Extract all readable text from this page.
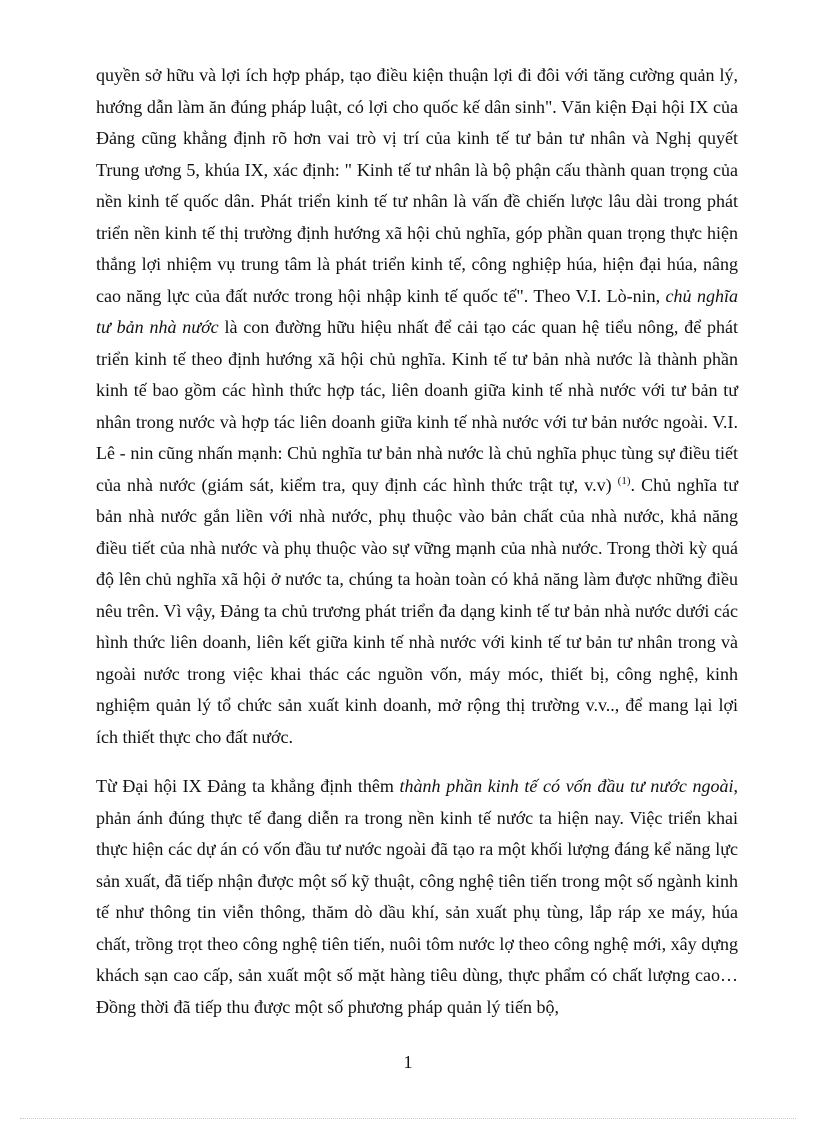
quyền sở hữu và lợi ích hợp pháp, tạo điều kiện thuận lợi đi đôi với tăng cường quản lý, hướng dẫn làm ăn đúng pháp luật, có lợi cho quốc kế dân sinh". Văn kiện Đại hội IX của Đảng cũng khẳng định rõ hơn vai trò vị trí của kinh tế tư bản tư nhân và Nghị quyết Trung ương 5, khúa IX, xác định: " Kinh tế tư nhân là bộ phận cấu thành quan trọng của nền kinh tế quốc dân. Phát triển kinh tế tư nhân là vấn đề chiến lược lâu dài trong phát triển nền kinh tế thị trường định hướng xã hội chủ nghĩa, góp phần quan trọng thực hiện thắng lợi nhiệm vụ trung tâm là phát triển kinh tế, công nghiệp húa, hiện đại húa, nâng cao năng lực của đất nước trong hội nhập kinh tế quốc tế". Theo V.I. Lò-nin, chủ nghĩa tư bản nhà nước là con đường hữu hiệu nhất để cải tạo các quan hệ tiểu nông, để phát triển kinh tế theo định hướng xã hội chủ nghĩa. Kinh tế tư bản nhà nước là thành phần kinh tế bao gồm các hình thức hợp tác, liên doanh giữa kinh tế nhà nước với tư bản tư nhân trong nước và hợp tác liên doanh giữa kinh tế nhà nước với tư bản nước ngoài. V.I. Lê - nin cũng nhấn mạnh: Chủ nghĩa tư bản nhà nước là chủ nghĩa phục tùng sự điều tiết của nhà nước (giám sát, kiểm tra, quy định các hình thức trật tự, v.v) $^{(1)}$. Chủ nghĩa tư bản nhà nước gắn liền với nhà nước, phụ thuộc vào bản chất của nhà nước, khả năng điều tiết của nhà nước và phụ thuộc vào sự vững mạnh của nhà nước. Trong thời kỳ quá độ lên chủ nghĩa xã hội ở nước ta, chúng ta hoàn toàn có khả năng làm được những điều nêu trên. Vì vậy, Đảng ta chủ trương phát triển đa dạng kinh tế tư bản nhà nước dưới các hình thức liên doanh, liên kết giữa kinh tế nhà nước với kinh tế tư bản tư nhân trong và ngoài nước trong việc khai thác các nguồn vốn, máy móc, thiết bị, công nghệ, kinh nghiệm quản lý tổ chức sản xuất kinh doanh, mở rộng thị trường v.v.., để mang lại lợi ích thiết thực cho đất nước.

Từ Đại hội IX Đảng ta khẳng định thêm thành phần kinh tế có vốn đầu tư nước ngoài, phản ánh đúng thực tế đang diễn ra trong nền kinh tế nước ta hiện nay. Việc triển khai thực hiện các dự án có vốn đầu tư nước ngoài đã tạo ra một khối lượng đáng kể năng lực sản xuất, đã tiếp nhận được một số kỹ thuật, công nghệ tiên tiến trong một số ngành kinh tế như thông tin viễn thông, thăm dò dầu khí, sản xuất phụ tùng, lắp ráp xe máy, húa chất, trồng trọt theo công nghệ tiên tiến, nuôi tôm nước lợ theo công nghệ mới, xây dựng khách sạn cao cấp, sản xuất một số mặt hàng tiêu dùng, thực phẩm có chất lượng cao… Đồng thời đã tiếp thu được một số phương pháp quản lý tiến bộ,

1
